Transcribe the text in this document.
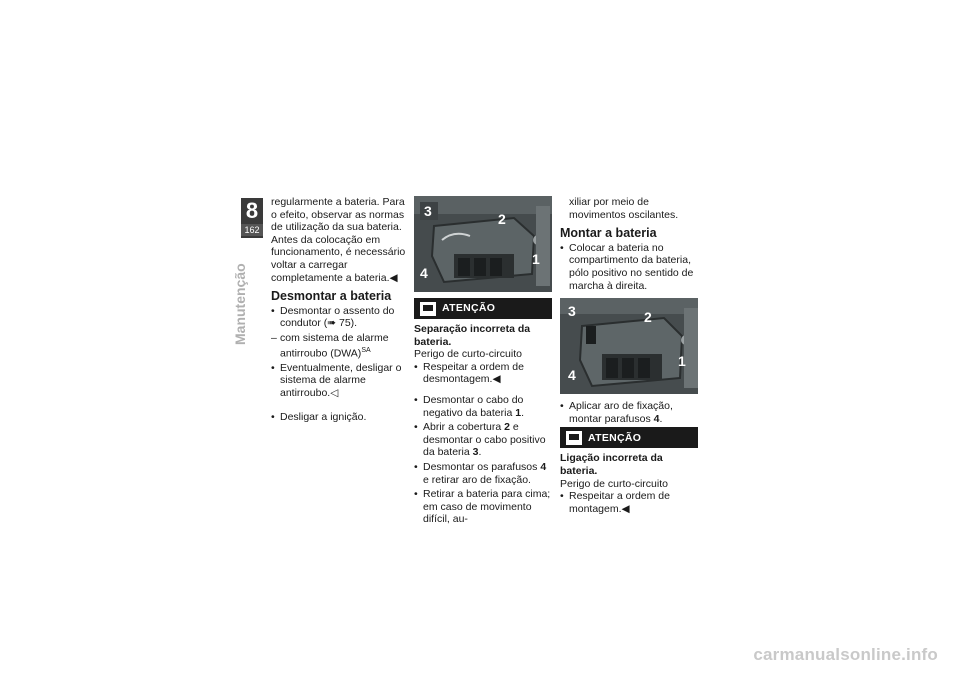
8
162
Manutenção

regularmente a bateria. Para o efeito, observar as normas de utilização da sua bateria. Antes da colocação em funcionamento, é necessário voltar a carregar completamente a bateria.◀

Desmontar a bateria
• Desmontar o assento do condutor (➠ 75).
– com sistema de alarme antirroubo (DWA)$^{SA}$
• Eventualmente, desligar o sistema de alarme antirroubo.◁
• Desligar a ignição.
3	2
4
1
ATENÇÃO
Separação incorreta da bateria.

Perigo de curto-circuito

• Respeitar a ordem de desmontagem.◀
• Desmontar o cabo do negativo da bateria 1.
• Abrir a cobertura 2 e desmontar o cabo positivo da bateria 3.
• Desmontar os parafusos 4 e retirar aro de fixação.
• Retirar a bateria para cima; em caso de movimento difícil, au-

xiliar por meio de movimentos oscilantes.

Montar a bateria
• Colocar a bateria no compartimento da bateria, pólo positivo no sentido de marcha à direita.
3	2
4
1
• Aplicar aro de fixação, montar parafusos 4.
ATENÇÃO
Ligação incorreta da bateria.

Perigo de curto-circuito

• Respeitar a ordem de montagem.◀
carmanualsonline.info
